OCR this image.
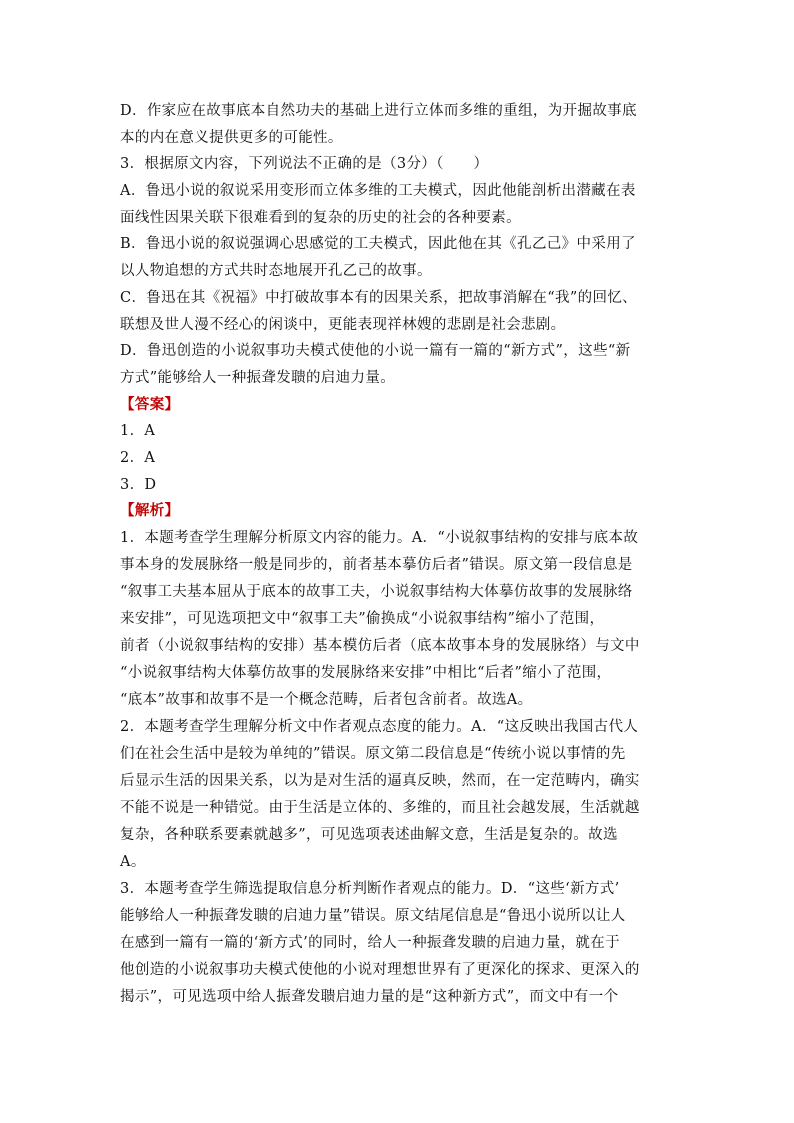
D．作家应在故事底本自然功夫的基础上进行立体而多维的重组，为开掘故事底
本的内在意义提供更多的可能性。
3．根据原文内容，下列说法不正确的是（3分）（　　）
A．鲁迅小说的叙说采用变形而立体多维的工夫模式，因此他能剖析出潜藏在表
面线性因果关联下很难看到的复杂的历史的社会的各种要素。
B．鲁迅小说的叙说强调心思感觉的工夫模式，因此他在其《孔乙己》中采用了
以人物追想的方式共时态地展开孔乙己的故事。
C．鲁迅在其《祝福》中打破故事本有的因果关系，把故事消解在“我”的回忆、
联想及世人漫不经心的闲谈中，更能表现祥林嫂的悲剧是社会悲剧。
D．鲁迅创造的小说叙事功夫模式使他的小说一篇有一篇的“新方式”，这些“新
方式”能够给人一种振聋发聩的启迪力量。
【答案】
1．A
2．A
3．D
【解析】
1．本题考查学生理解分析原文内容的能力。A．“小说叙事结构的安排与底本故
事本身的发展脉络一般是同步的，前者基本摹仿后者”错误。原文第一段信息是
“叙事工夫基本屈从于底本的故事工夫，小说叙事结构大体摹仿故事的发展脉络
来安排”，可见选项把文中“叙事工夫”偷换成“小说叙事结构”缩小了范围，
前者（小说叙事结构的安排）基本模仿后者（底本故事本身的发展脉络）与文中
“小说叙事结构大体摹仿故事的发展脉络来安排”中相比“后者”缩小了范围，
“底本”故事和故事不是一个概念范畴，后者包含前者。故选A。
2．本题考查学生理解分析文中作者观点态度的能力。A．“这反映出我国古代人
们在社会生活中是较为单纯的”错误。原文第二段信息是“传统小说以事情的先
后显示生活的因果关系，以为是对生活的逼真反映，然而，在一定范畴内，确实
不能不说是一种错觉。由于生活是立体的、多维的，而且社会越发展，生活就越
复杂，各种联系要素就越多”，可见选项表述曲解文意，生活是复杂的。故选
A。
3．本题考查学生筛选提取信息分析判断作者观点的能力。D．“这些‘新方式’
能够给人一种振聋发聩的启迪力量”错误。原文结尾信息是“鲁迅小说所以让人
在感到一篇有一篇的‘新方式’的同时，给人一种振聋发聩的启迪力量，就在于
他创造的小说叙事功夫模式使他的小说对理想世界有了更深化的探求、更深入的
揭示”，可见选项中给人振聋发聩启迪力量的是“这种新方式”，而文中有一个
